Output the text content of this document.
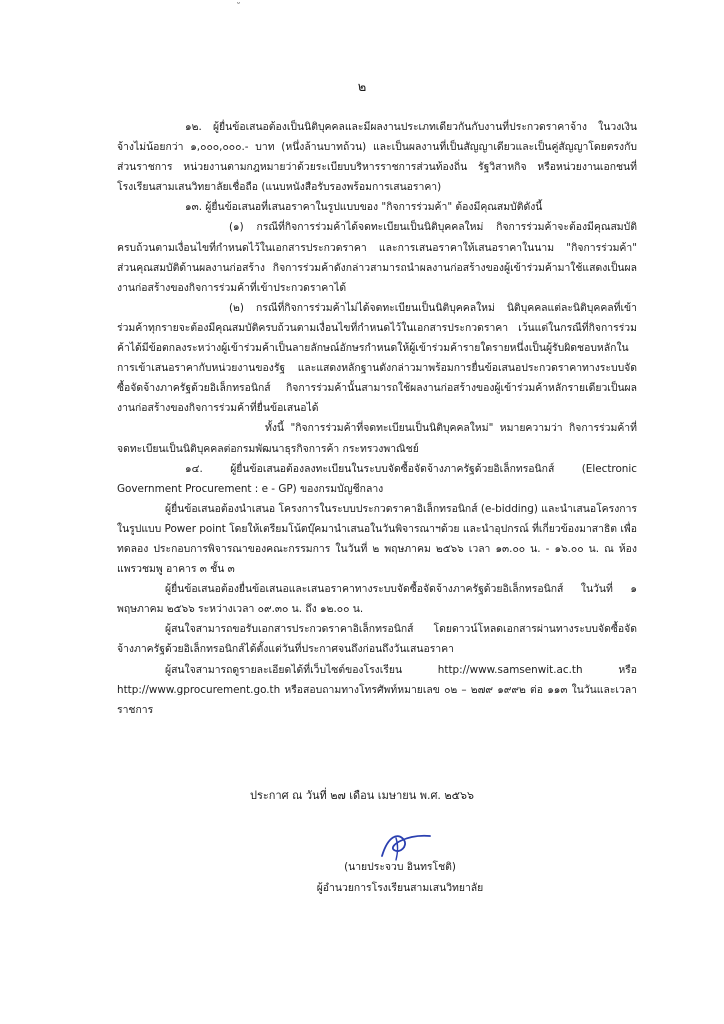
˘
๒

๑๒. ผู้ยื่นข้อเสนอต้องเป็นนิติบุคคลและมีผลงานประเภทเดียวกันกับงานที่ประกวดราคาจ้าง ในวงเงินจ้างไม่น้อยกว่า ๑,๐๐๐,๐๐๐.- บาท (หนึ่งล้านบาทถ้วน) และเป็นผลงานที่เป็นสัญญาเดียวและเป็นคู่สัญญาโดยตรงกับส่วนราชการ หน่วยงานตามกฎหมายว่าด้วยระเบียบบริหารราชการส่วนท้องถิ่น รัฐวิสาหกิจ หรือหน่วยงานเอกชนที่โรงเรียนสามเสนวิทยาลัยเชื่อถือ (แนบหนังสือรับรองพร้อมการเสนอราคา)

๑๓. ผู้ยื่นข้อเสนอที่เสนอราคาในรูปแบบของ "กิจการร่วมค้า" ต้องมีคุณสมบัติดังนี้

(๑) กรณีที่กิจการร่วมค้าได้จดทะเบียนเป็นนิติบุคคลใหม่ กิจการร่วมค้าจะต้องมีคุณสมบัติครบถ้วนตามเงื่อนไขที่กำหนดไว้ในเอกสารประกวดราคา และการเสนอราคาให้เสนอราคาในนาม "กิจการร่วมค้า" ส่วนคุณสมบัติด้านผลงานก่อสร้าง กิจการร่วมค้าดังกล่าวสามารถนำผลงานก่อสร้างของผู้เข้าร่วมค้ามาใช้แสดงเป็นผลงานก่อสร้างของกิจการร่วมค้าที่เข้าประกวดราคาได้

(๒) กรณีที่กิจการร่วมค้าไม่ได้จดทะเบียนเป็นนิติบุคคลใหม่ นิติบุคคลแต่ละนิติบุคคลที่เข้าร่วมค้าทุกรายจะต้องมีคุณสมบัติครบถ้วนตามเงื่อนไขที่กำหนดไว้ในเอกสารประกวดราคา เว้นแต่ในกรณีที่กิจการร่วมค้าได้มีข้อตกลงระหว่างผู้เข้าร่วมค้าเป็นลายลักษณ์อักษรกำหนดให้ผู้เข้าร่วมค้ารายใดรายหนึ่งเป็นผู้รับผิดชอบหลักในการเข้าเสนอราคากับหน่วยงานของรัฐ และแสดงหลักฐานดังกล่าวมาพร้อมการยื่นข้อเสนอประกวดราคาทางระบบจัดซื้อจัดจ้างภาครัฐด้วยอิเล็กทรอนิกส์ กิจการร่วมค้านั้นสามารถใช้ผลงานก่อสร้างของผู้เข้าร่วมค้าหลักรายเดียวเป็นผลงานก่อสร้างของกิจการร่วมค้าที่ยื่นข้อเสนอได้

ทั้งนี้ "กิจการร่วมค้าที่จดทะเบียนเป็นนิติบุคคลใหม่" หมายความว่า กิจการร่วมค้าที่จดทะเบียนเป็นนิติบุคคลต่อกรมพัฒนาธุรกิจการค้า กระทรวงพาณิชย์

๑๔. ผู้ยื่นข้อเสนอต้องลงทะเบียนในระบบจัดซื้อจัดจ้างภาครัฐด้วยอิเล็กทรอนิกส์ (Electronic Government Procurement : e - GP) ของกรมบัญชีกลาง

ผู้ยื่นข้อเสนอต้องนำเสนอ โครงการในระบบประกวดราคาอิเล็กทรอนิกส์ (e-bidding) และนำเสนอโครงการในรูปแบบ Power point โดยให้เตรียมโน้ตบุ๊คมานำเสนอในวันพิจารณาฯด้วย และนำอุปกรณ์ ที่เกี่ยวข้องมาสาธิต เพื่อทดลอง ประกอบการพิจารณาของคณะกรรมการ ในวันที่ ๒ พฤษภาคม ๒๕๖๖ เวลา ๑๓.๐๐ น. - ๑๖.๐๐ น. ณ ห้องแพรวชมพู อาคาร ๓ ชั้น ๓

ผู้ยื่นข้อเสนอต้องยื่นข้อเสนอและเสนอราคาทางระบบจัดซื้อจัดจ้างภาครัฐด้วยอิเล็กทรอนิกส์ ในวันที่ ๑ พฤษภาคม ๒๕๖๖ ระหว่างเวลา ๐๙.๓๐ น. ถึง ๑๒.๐๐ น.

ผู้สนใจสามารถขอรับเอกสารประกวดราคาอิเล็กทรอนิกส์ โดยดาวน์โหลดเอกสารผ่านทางระบบจัดซื้อจัดจ้างภาครัฐด้วยอิเล็กทรอนิกส์ได้ตั้งแต่วันที่ประกาศจนถึงก่อนถึงวันเสนอราคา

ผู้สนใจสามารถดูรายละเอียดได้ที่เว็บไซต์ของโรงเรียน http://www.samsenwit.ac.th หรือ http://www.gprocurement.go.th หรือสอบถามทางโทรศัพท์หมายเลข ๐๒ – ๒๗๙ ๑๙๙๒ ต่อ ๑๑๓ ในวันและเวลาราชการ

ประกาศ ณ วันที่ ๒๗ เดือน เมษายน พ.ศ. ๒๕๖๖
(นายประจวบ อินทรโชติ)
ผู้อำนวยการโรงเรียนสามเสนวิทยาลัย
